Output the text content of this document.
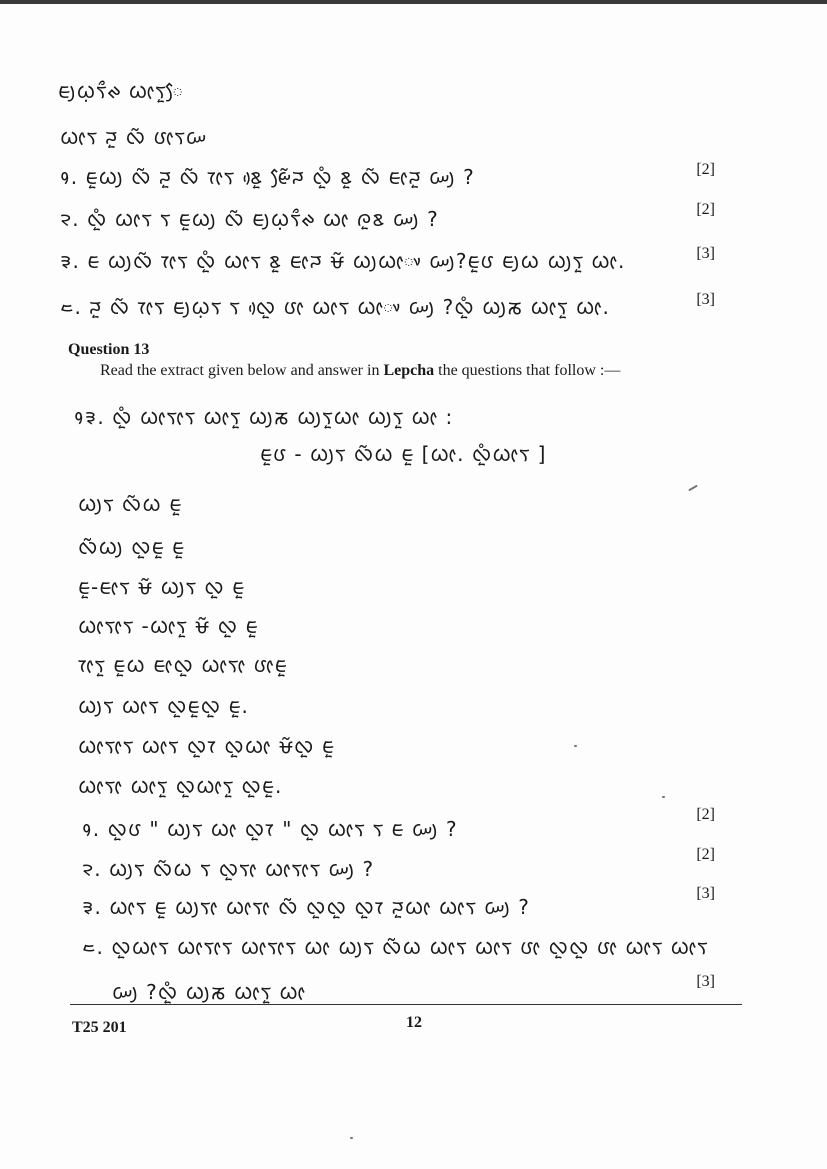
ᰀᰪᰃ᰷ᰛᰰᰊ ᰃᰦᰛᰬᰧ
ᰃᰦᰛ ᰎᰬ ᰜᰲ ᰂᰦᰛᰠ
᱁. ᰀᰬᰃᰪ ᰜᰲ ᰎᰬ ᰜᰲ ᰅᰦᰛ ᰣᰬᰴ ᰡᰧᰲᰎ ᰜᰬᰱ ᰣᰬ ᰜᰲ ᰀᰦᰎᰬ ᰠᰪ ?	[2]
᱂. ᰜᰬᰱ ᰃᰦᰛ ᰛ ᰀᰬᰃᰪ ᰜᰲ ᰀᰪᰃ᰷ᰛᰰᰊ ᰃᰦ ᰍᰬᰣ ᰠᰪ ?	[2]
᱃. ᰀ ᰃᰪᰜᰲ ᰅᰦᰛ ᰜᰬᰱ ᰃᰦᰛ ᰣᰬ ᰀᰦᰎ ᰝᰲ ᰃᰪᰃᰦᰤ ᰠᰪ?ᰀᰬᰂ ᰀᰪᰃ ᰃᰪᰛᰬ ᰃᰦ.	[3]
᱄. ᰎᰬ ᰜᰲ ᰅᰦᰛ ᰀᰪᰃ᰷ᰛ ᰛ ᰜᰬᰴ ᰂᰦ ᰃᰦᰛ ᰃᰦᰤ ᰠᰪ ?ᰜᰬᰱ ᰃᰪᰕ ᰃᰦᰛᰬ ᰃᰦ.	[3]
Question 13
Read the extract given below and answer in Lepcha the questions that follow :—
᱁᱃. ᰜᰬᰱ ᰃᰦᰛᰦᰛ ᰃᰦᰛᰬ ᰃᰪᰕ ᰃᰪᰛᰬᰃᰦ ᰃᰪᰛᰬ ᰃᰦ :
ᰀᰬᰂ - ᰃᰪᰛ ᰜᰲᰃ ᰀᰬ [ᰃᰦ. ᰜᰬᰱᰃᰦᰛ ]
ᰃᰪᰛ ᰜᰲᰃ ᰀᰬ
ᰜᰲᰃᰪ ᰜᰬᰀᰬ ᰀᰬ
ᰀᰬ-ᰀᰦᰛ ᰝᰲ ᰃᰪᰛ ᰜᰬ ᰀᰬ
ᰃᰦᰛᰦᰛ -ᰃᰦᰛᰬ ᰝᰲ ᰜᰬ ᰀᰬ
ᰅᰦᰛᰬ ᰀᰬᰃ ᰀᰦᰜᰬ ᰃᰦᰛᰦ ᰂᰦᰀᰬ
ᰃᰪᰛ ᰃᰦᰛ ᰜᰬᰀᰬᰜᰬ ᰀᰬ.
ᰃᰦᰛᰦᰛ ᰃᰦᰛ ᰜᰬᰅ ᰜᰬᰃᰦ ᰝᰲᰜᰬ ᰀᰬ
ᰃᰦᰛᰦ ᰃᰦᰛᰬ ᰜᰬᰃᰦᰛᰬ ᰜᰬᰀᰬ.
᱁. ᰜᰬᰂ " ᰃᰪᰛ ᰃᰦ ᰜᰬᰅ " ᰜᰬ ᰃᰦᰛ ᰛ ᰀ ᰠᰪ ?
[2]
᱂. ᰃᰪᰛ ᰜᰲᰃ ᰛ ᰜᰬᰛᰦ ᰃᰦᰛᰦᰛ ᰠᰪ ?
[2]
᱃. ᰃᰦᰛ ᰀᰬ ᰃᰪᰛᰦ ᰃᰦᰛᰦ ᰜᰲ ᰜᰬᰜᰬ ᰜᰬᰅ ᰎᰬᰃᰦ ᰃᰦᰛ ᰠᰪ ?
[3]
᱄. ᰜᰬᰃᰦᰛ ᰃᰦᰛᰦᰛ ᰃᰦᰛᰦᰛ ᰃᰦ ᰃᰪᰛ ᰜᰲᰃ ᰃᰦᰛ ᰃᰦᰛ ᰂᰦ ᰜᰬᰜᰬ ᰂᰦ ᰃᰦᰛ ᰃᰦᰛ
ᰠᰪ ?ᰜᰬᰱ ᰃᰪᰕ ᰃᰦᰛᰬ ᰃᰦ	[3]
T25 201	12
